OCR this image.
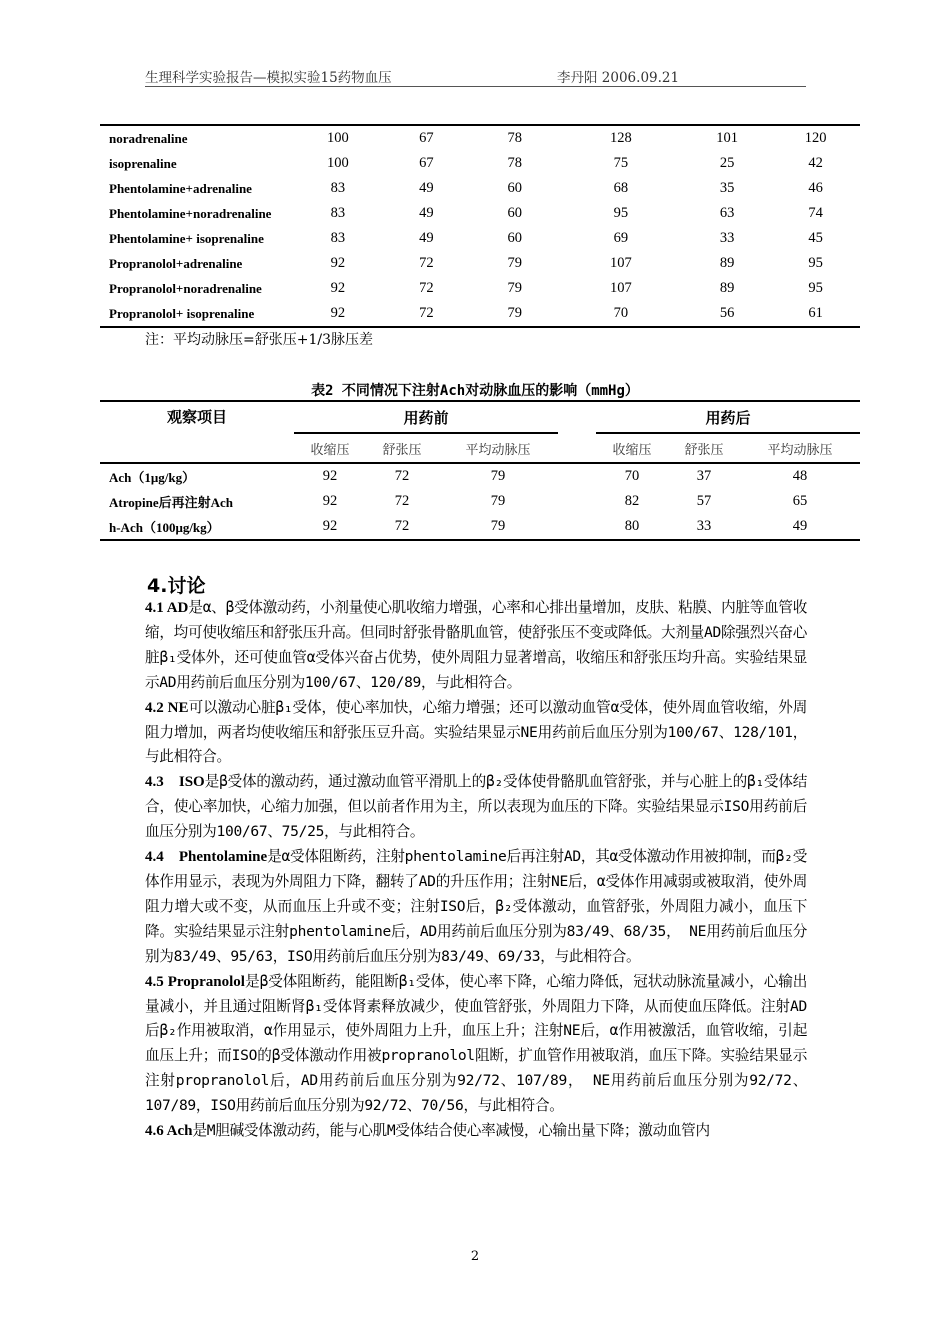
生理科学实验报告—模拟实验15药物血压	李丹阳 2006.09.21
noradrenaline	100	67	78	128	101	120
isoprenaline	100	67	78	75	25	42
Phentolamine+adrenaline	83	49	60	68	35	46
Phentolamine+noradrenaline	83	49	60	95	63	74
Phentolamine+ isoprenaline	83	49	60	69	33	45
Propranolol+adrenaline	92	72	79	107	89	95
Propranolol+noradrenaline	92	72	79	107	89	95
Propranolol+ isoprenaline	92	72	79	70	56	61
注：平均动脉压=舒张压+1/3脉压差
表2 不同情况下注射Ach对动脉血压的影响（mmHg）
观察项目	用药前				用药后		
	收缩压	舒张压	平均动脉压		收缩压	舒张压	平均动脉压
Ach（1μg/kg）	92	72	79		70	37	48
Atropine后再注射Ach	92	72	79		82	57	65
h-Ach（100μg/kg）	92	72	79		80	33	49
4.讨论

4.1 AD是α、β受体激动药，小剂量使心肌收缩力增强，心率和心排出量增加，皮肤、粘膜、内脏等血管收缩，均可使收缩压和舒张压升高。但同时舒张骨骼肌血管，使舒张压不变或降低。大剂量AD除强烈兴奋心脏β₁受体外，还可使血管α受体兴奋占优势，使外周阻力显著增高，收缩压和舒张压均升高。实验结果显示AD用药前后血压分别为100/67、120/89，与此相符合。

4.2 NE可以激动心脏β₁受体，使心率加快，心缩力增强；还可以激动血管α受体，使外周血管收缩，外周阻力增加，两者均使收缩压和舒张压豆升高。实验结果显示NE用药前后血压分别为100/67、128/101，与此相符合。

4.3　ISO是β受体的激动药，通过激动血管平滑肌上的β₂受体使骨骼肌血管舒张，并与心脏上的β₁受体结合，使心率加快，心缩力加强，但以前者作用为主，所以表现为血压的下降。实验结果显示ISO用药前后血压分别为100/67、75/25，与此相符合。

4.4　Phentolamine是α受体阻断药，注射phentolamine后再注射AD，其α受体激动作用被抑制，而β₂受体作用显示，表现为外周阻力下降，翻转了AD的升压作用；注射NE后，α受体作用减弱或被取消，使外周阻力增大或不变，从而血压上升或不变；注射ISO后，β₂受体激动，血管舒张，外周阻力减小，血压下降。实验结果显示注射phentolamine后，AD用药前后血压分别为83/49、68/35， NE用药前后血压分别为83/49、95/63，ISO用药前后血压分别为83/49、69/33，与此相符合。

4.5 Propranolol是β受体阻断药，能阻断β₁受体，使心率下降，心缩力降低，冠状动脉流量减小，心输出量减小，并且通过阻断肾β₁受体肾素释放减少，使血管舒张，外周阻力下降，从而使血压降低。注射AD后β₂作用被取消，α作用显示，使外周阻力上升，血压上升；注射NE后，α作用被激活，血管收缩，引起血压上升；而ISO的β受体激动作用被propranolol阻断，扩血管作用被取消，血压下降。实验结果显示注射propranolol后，AD用药前后血压分别为92/72、107/89， NE用药前后血压分别为92/72、107/89，ISO用药前后血压分别为92/72、70/56，与此相符合。

4.6 Ach是M胆碱受体激动药，能与心肌M受体结合使心率减慢，心输出量下降；激动血管内

2
